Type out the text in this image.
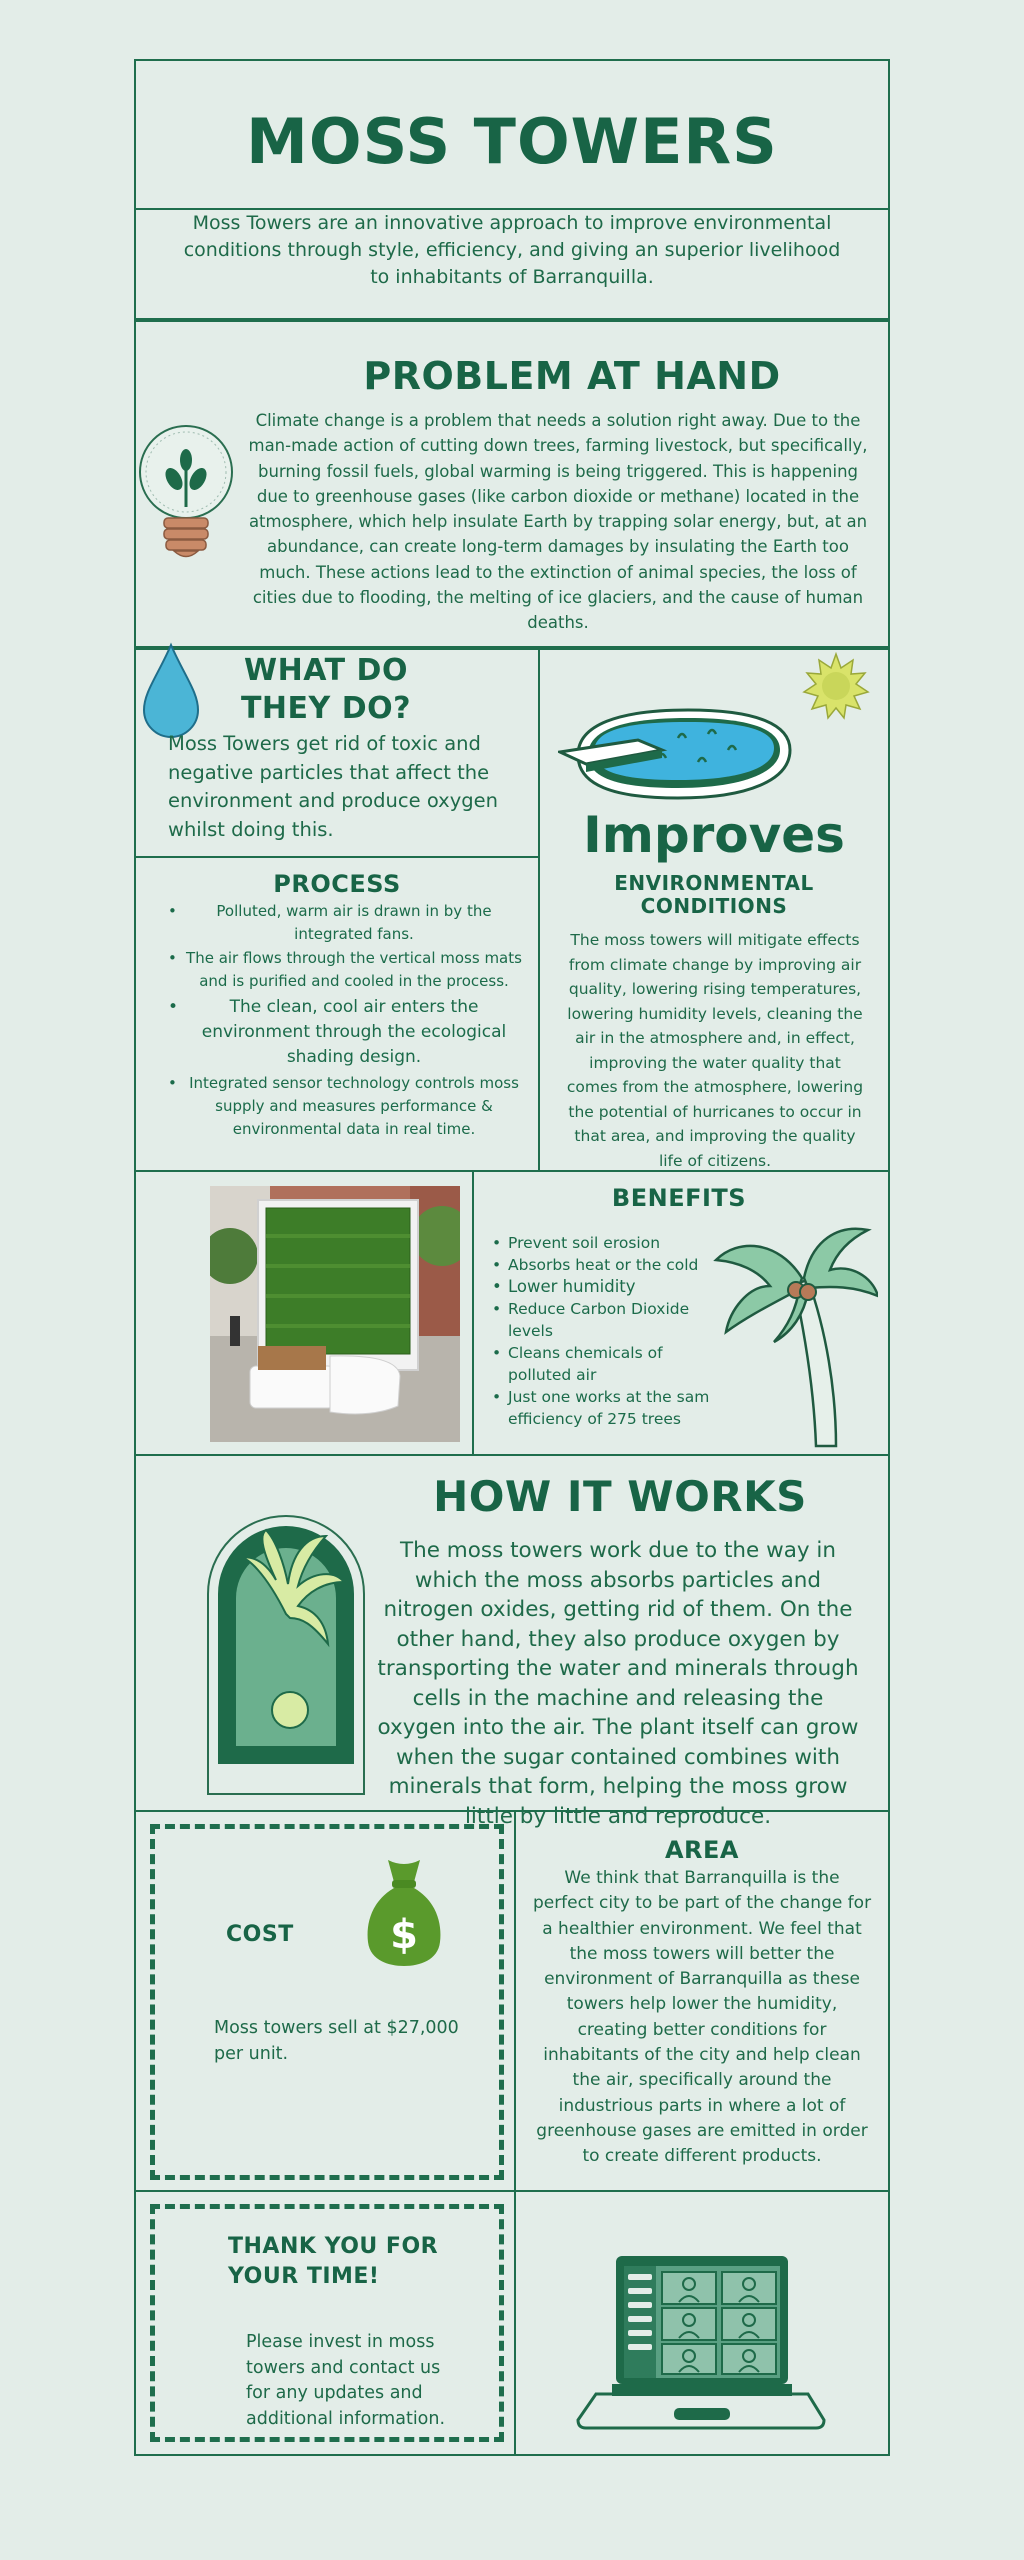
MOSS TOWERS
Moss Towers are an innovative approach to improve environmental conditions through style, efficiency, and giving an superior livelihood to inhabitants of Barranquilla.
PROBLEM AT HAND
Climate change is a problem that needs a solution right away. Due to the man-made action of cutting down trees, farming livestock, but specifically, burning fossil fuels, global warming is being triggered. This is happening due to greenhouse gases (like carbon dioxide or methane) located in the atmosphere, which help insulate Earth by trapping solar energy, but, at an abundance, can create long-term damages by insulating the Earth too much. These actions lead to the extinction of animal species, the loss of cities due to flooding, the melting of ice glaciers, and the cause of human deaths.
WHAT DO
THEY DO?
Moss Towers get rid of toxic and negative particles that affect the environment and produce oxygen whilst doing this.
PROCESS
• Polluted, warm air is drawn in by the integrated fans.
• The air flows through the vertical moss mats and is purified and cooled in the process.
• The clean, cool air enters the environment through the ecological shading design.
• Integrated sensor technology controls moss supply and measures performance & environmental data in real time.
Improves
ENVIRONMENTAL
CONDITIONS
The moss towers will mitigate effects from climate change by improving air quality, lowering rising temperatures, lowering humidity levels, cleaning the air in the atmosphere and, in effect, improving the water quality that comes from the atmosphere, lowering the potential of hurricanes to occur in that area, and improving the quality life of citizens.
BENEFITS
• Prevent soil erosion
• Absorbs heat or the cold
• Lower humidity
• Reduce Carbon Dioxide levels
• Cleans chemicals of polluted air
• Just one works at the sam efficiency of 275 trees
HOW IT WORKS
The moss towers work due to the way in which the moss absorbs particles and nitrogen oxides, getting rid of them. On the other hand, they also produce oxygen by transporting the water and minerals through cells in the machine and releasing the oxygen into the air. The plant itself can grow when the sugar contained combines with minerals that form, helping the moss grow little by little and reproduce.
COST $
Moss towers sell at $27,000 per unit.
AREA
We think that Barranquilla is the perfect city to be part of the change for a healthier environment. We feel that the moss towers will better the environment of Barranquilla as these towers help lower the humidity, creating better conditions for inhabitants of the city and help clean the air, specifically around the industrious parts in where a lot of greenhouse gases are emitted in order to create different products.
THANK YOU FOR
YOUR TIME!
Please invest in moss towers and contact us for any updates and additional information.
